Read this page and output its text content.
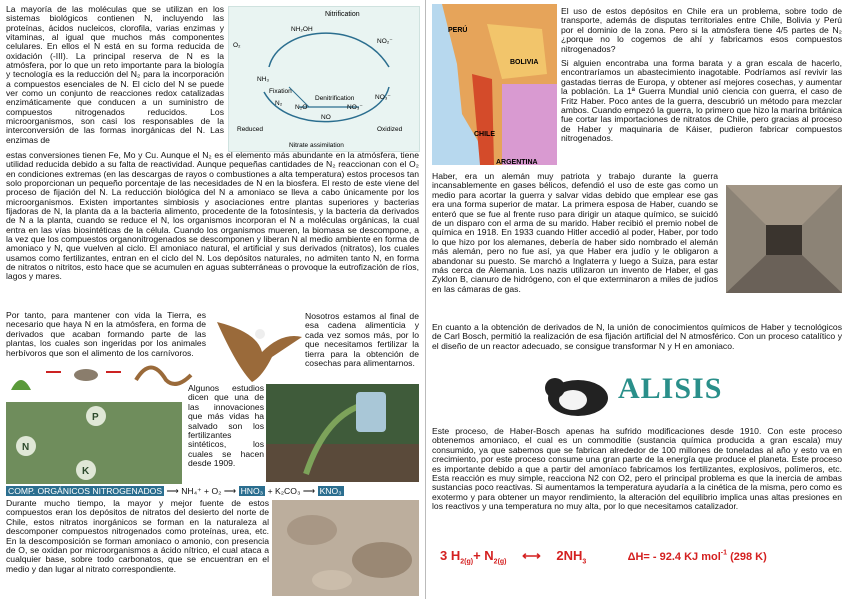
La mayoría de las moléculas que se utilizan en los sistemas biológicos contienen N, incluyendo las proteínas, ácidos nucleicos, clorofila, varias enzimas y vitaminas, al igual que muchos más componentes celulares. En ellos el N está en su forma reducida de oxidación (-III). La principal reserva de N es la atmósfera, por lo que un reto importante para la biología y tecnología es la reducción del N₂ para la incorporación a compuestos esenciales de N. El ciclo del N se puede ver como un conjunto de reacciones redox catalizadas enzimáticamente que conducen a un suministro de compuestos nitrogenados reducidos. Los microorganismos, son casi los responsables de la interconversión de las formas inorgánicas del N. Las enzimas de

Nitrification
NH₂OH
NO₂⁻
O₂
NH₃
Fixation
N₂
N₂O
Denitrification
NO₃⁻
NO₃⁻
NO
Reduced	Oxidized
Nitrate assimilation

estas conversiones tienen Fe, Mo y Cu. Aunque el N₂ es el elemento más abundante en la atmósfera, tiene utilidad reducida debido a su falta de reactividad. Aunque pequeñas cantidades de N₂ reaccionan con el O₂ en condiciones extremas (en las descargas de rayos o combustiones a alta temperatura) estos procesos tan solo proporcionan un pequeño porcentaje de las necesidades de N en la biosfera. El resto de este viene del proceso de fijación del N. La reducción biológica del N a amoniaco se lleva a cabo únicamente por los microorganismos. Existen importantes simbiosis y asociaciones entre plantas superiores y bacterias fijadoras de N, la planta da a la bacteria alimento, procedente de la fotosíntesis, y la bacteria da derivados de N a la planta, cuando se reduce el N, los organismos incorporan el N a moléculas orgánicas, la cual entra en las vías biosintéticas de la célula. Cuando los organismos mueren, la biomasa se descompone, a la vez que los compuestos organonitrogenados se descomponen y liberan N al medio ambiente en forma de amoniaco y N, que vuelven al ciclo. El amoniaco natural, el artificial y sus derivados (nitratos), los cuales usamos como fertilizantes, entran en el ciclo del N. Los depósitos naturales, no admiten tanto N, en forma de nitratos o nitritos, esto hace que se acumulen en aguas subterráneas o provoque la eutrofización de ríos, lagos y mares.

Por tanto, para mantener con vida la Tierra, es necesario que haya N en la atmósfera, en forma de derivados que acaban formando parte de las plantas, los cuales son ingeridas por los animales herbívoros que son el alimento de los carnívoros.

Nosotros estamos al final de esa cadena alimenticia y cada vez somos más, por lo que necesitamos fertilizar la tierra para la obtención de cosechas para alimentarnos.

N
P
K

Algunos estudios dicen que una de las innovaciones que más vidas ha salvado son los fertilizantes sintéticos, los cuales se hacen desde 1909.

COMP. ORGÁNICOS NITROGENADOS ⟶ NH₄⁺ + O₂ ⟶ HNO₃ + K₂CO₃ ⟶ KNO₃

Durante mucho tiempo, la mayor y mejor fuente de estos compuestos eran los depósitos de nitratos del desierto del norte de Chile, estos nitratos inorgánicos se forman en la naturaleza al descomponer compuestos nitrogenados como proteínas, urea, etc. En la descomposición se forman amoniaco o amonio, con presencia de O, se oxidan por microorganismos a ácido nítrico, el cual ataca a cualquier base, sobre todo carbonatos, que se encuentran en el medio y dan lugar al nitrato correspondiente.

PERÚ
BOLIVIA
CHILE
ARGENTINA

El uso de estos depósitos en Chile era un problema, sobre todo de transporte, además de disputas territoriales entre Chile, Bolivia y Perú por el dominio de la zona. Pero si la atmósfera tiene 4/5 partes de N₂ ¿porque no lo cogemos de ahí y fabricamos esos compuestos nitrogenados?

Si alguien encontraba una forma barata y a gran escala de hacerlo, encontraríamos un abastecimiento inagotable. Podríamos así revivir las gastadas tierras de Europa, y obtener así mejores cosechas, y aumentar la población. La 1ª Guerra Mundial unió ciencia con guerra, el caso de Fritz Haber. Poco antes de la guerra, descubrió un método para mezclar ambos. Cuando empezó la guerra, lo primero que hizo la marina británica fue cortar las importaciones de nitratos de Chile, pero gracias al proceso de Haber y maquinaria de Káiser, pudieron fabricar compuestos nitrogenados.

Haber, era un alemán muy patriota y trabajo durante la guerra incansablemente en gases bélicos, defendió el uso de este gas como un medio para acortar la guerra y salvar vidas debido que emplear ese gas era una forma superior de matar. La primera esposa de Haber, cuando se enteró que se fue al frente ruso para dirigir un ataque químico, se suicidó de un disparo con el arma de su marido. Haber recibió el premio nobel de química en 1918. En 1933 cuando Hitler accedió al poder, Haber, por todo lo que hizo por los alemanes, debería de haber sido nombrado el alemán más alemán, pero no fue así, ya que Haber era judío y le obligaron a abandonar su puesto. Se marchó a Inglaterra y luego a Suiza, para estar más cerca de Alemania. Los nazis utilizaron un invento de Haber, el gas Zyklon B, cianuro de hidrógeno, con el que exterminaron a miles de judíos en las cámaras de gas.

En cuanto a la obtención de derivados de N, la unión de conocimientos químicos de Haber y tecnológicos de Carl Bosch, permitió la realización de esa fijación artificial del N atmosférico. Con un proceso catalítico y el diseño de un reactor adecuado, se consigue transformar N y H en amoniaco.

ALISIS

Este proceso, de Haber-Bosch apenas ha sufrido modificaciones desde 1910. Con este proceso obtenemos amoniaco, el cual es un commoditie (sustancia química producida a gran escala) muy consumido, ya que sabemos que se fabrican alrededor de 100 millones de toneladas al año y esto va en crecimiento, por este proceso consume una gran parte de la energía que produce el planeta. Este proceso es importante debido a que a partir del amoníaco fabricamos los fertilizantes, explosivos, polímeros, etc. Esta reacción es muy simple, reacciona N2 con O2, pero el principal problema es que la inercia de ambas sustancias poco reactivas. Si aumentamos la temperatura ayudaría a la cinética de la misma, pero como es exotermo y para obtener un mayor rendimiento, la alteración del equilibrio implica unas altas presiones en los reactivos y una temperatura no muy alta, por lo que necesitamos catalizador.

3 $H_{2(g)}+ N_{2(g)}$ ⟷ $2NH_3$	ΔH= - 92.4 KJ mol$^{-1}$ (298 K)
